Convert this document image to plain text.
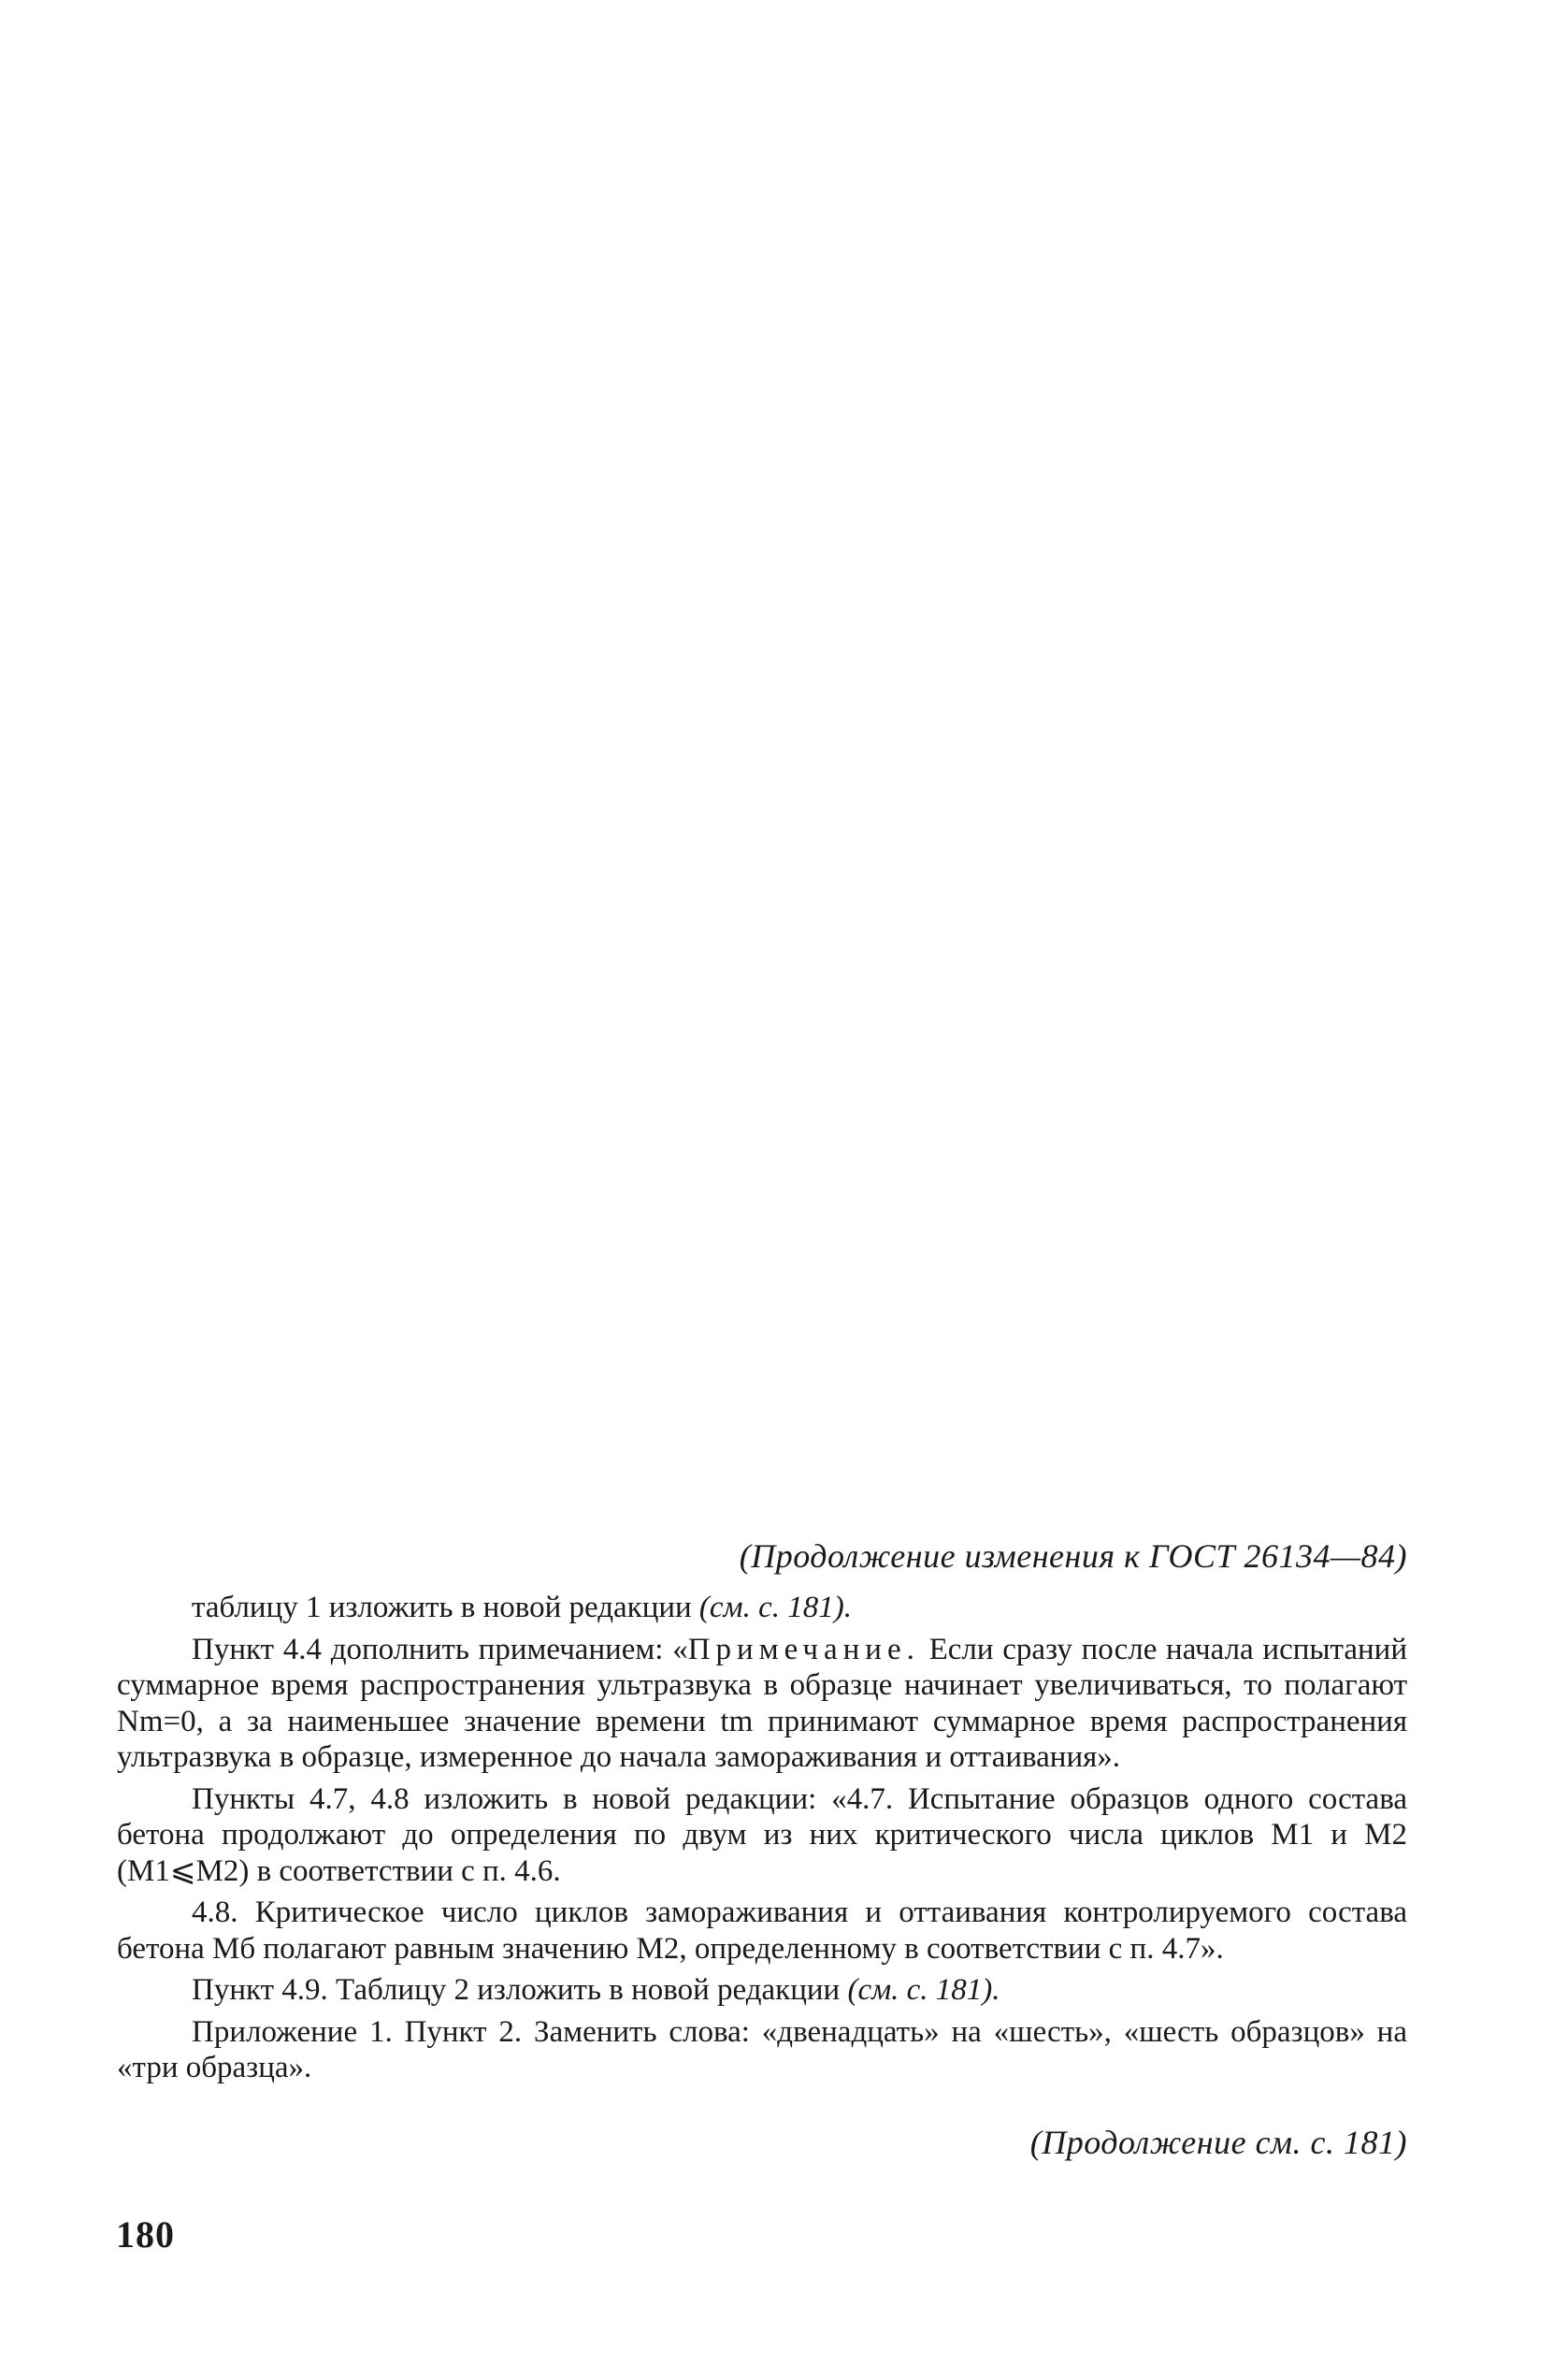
(Продолжение изменения к ГОСТ 26134—84)

таблицу 1 изложить в новой редакции (см. с. 181).

Пункт 4.4 дополнить примечанием: «Примечание. Если сразу после начала испытаний суммарное время распространения ультразвука в образце начинает увеличиваться, то полагают Nm=0, а за наименьшее значение времени tm принимают суммарное время распространения ультразвука в образце, измеренное до начала замораживания и оттаивания».

Пункты 4.7, 4.8 изложить в новой редакции: «4.7. Испытание образцов одного состава бетона продолжают до определения по двум из них критического числа циклов M1 и M2 (M1⩽M2) в соответствии с п. 4.6.

4.8. Критическое число циклов замораживания и оттаивания контролируемого состава бетона Mб полагают равным значению M2, определенному в соответствии с п. 4.7».

Пункт 4.9. Таблицу 2 изложить в новой редакции (см. с. 181).

Приложение 1. Пункт 2. Заменить слова: «двенадцать» на «шесть», «шесть образцов» на «три образца».

(Продолжение см. с. 181)
180
